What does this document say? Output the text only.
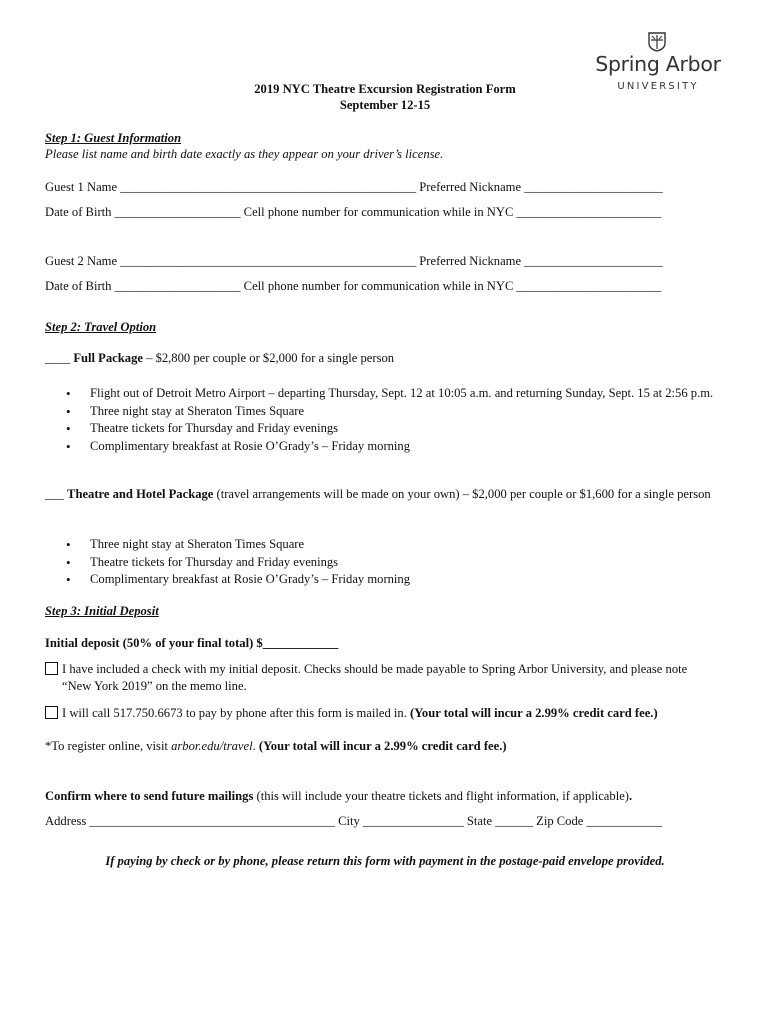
Spring Arbor
UNIVERSITY
2019 NYC Theatre Excursion Registration Form
September 12-15
Step 1: Guest Information
Please list name and birth date exactly as they appear on your driver’s license.
Guest 1 Name _______________________________________________ Preferred Nickname ______________________
Date of Birth ____________________ Cell phone number for communication while in NYC _______________________
Guest 2 Name _______________________________________________ Preferred Nickname ______________________
Date of Birth ____________________ Cell phone number for communication while in NYC _______________________
Step 2: Travel Option
____ Full Package – $2,800 per couple or $2,000 for a single person
• Flight out of Detroit Metro Airport – departing Thursday, Sept. 12 at 10:05 a.m. and returning Sunday, Sept. 15 at 2:56 p.m.
• Three night stay at Sheraton Times Square
• Theatre tickets for Thursday and Friday evenings
• Complimentary breakfast at Rosie O’Grady’s – Friday morning
___ Theatre and Hotel Package (travel arrangements will be made on your own) – $2,000 per couple or $1,600 for a single person
• Three night stay at Sheraton Times Square
• Theatre tickets for Thursday and Friday evenings
• Complimentary breakfast at Rosie O’Grady’s – Friday morning
Step 3: Initial Deposit
Initial deposit (50% of your final total) $____________
I have included a check with my initial deposit. Checks should be made payable to Spring Arbor University, and please note “New York 2019” on the memo line.
I will call 517.750.6673 to pay by phone after this form is mailed in. (Your total will incur a 2.99% credit card fee.)
*To register online, visit arbor.edu/travel. (Your total will incur a 2.99% credit card fee.)
Confirm where to send future mailings (this will include your theatre tickets and flight information, if applicable).
Address _______________________________________ City ________________ State ______ Zip Code ____________
If paying by check or by phone, please return this form with payment in the postage-paid envelope provided.
